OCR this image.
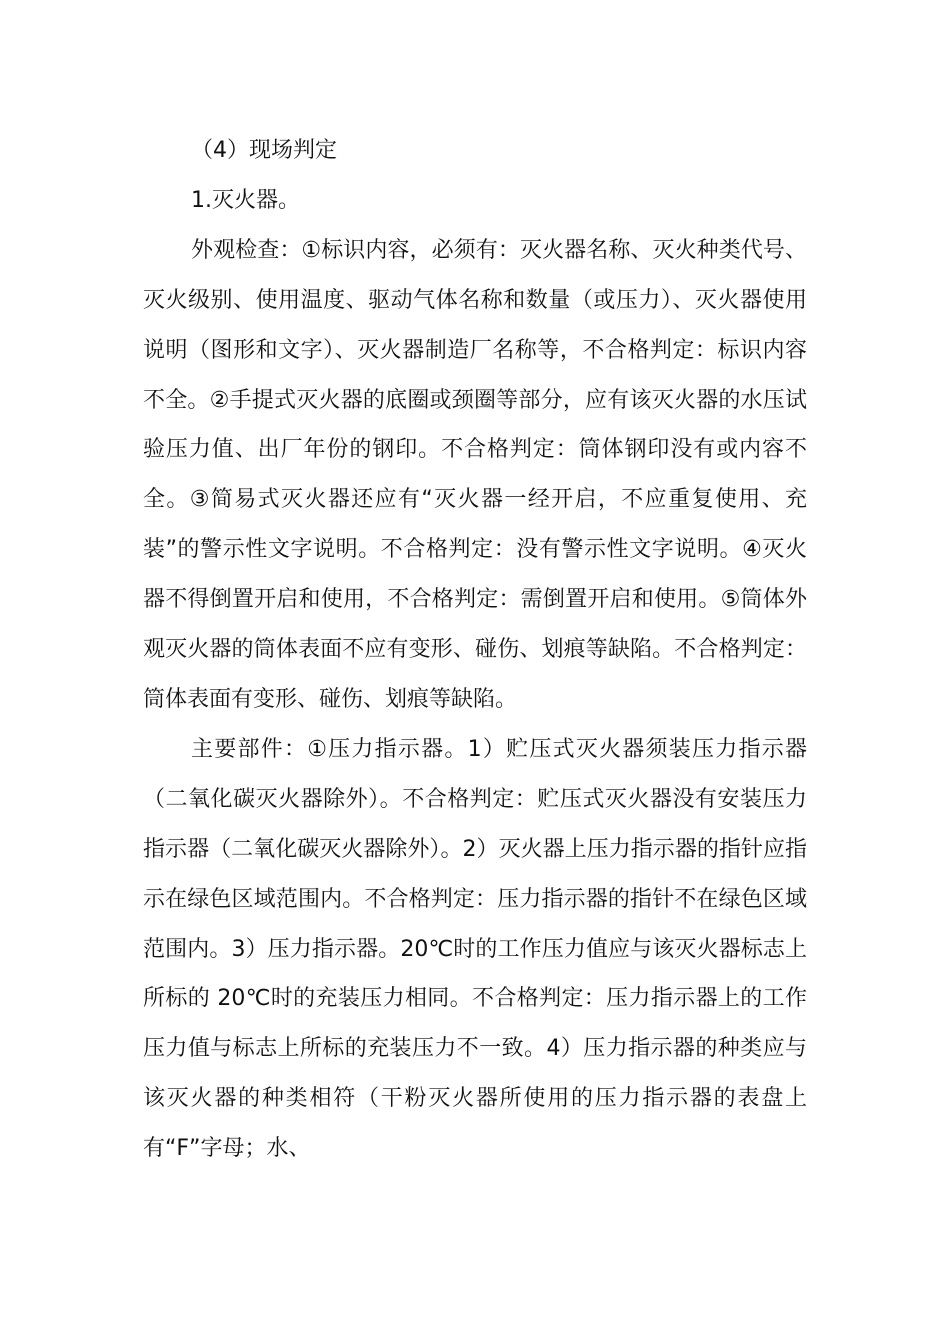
（4）现场判定

1.灭火器。

外观检查：①标识内容，必须有：灭火器名称、灭火种类代号、灭火级别、使用温度、驱动气体名称和数量（或压力）、灭火器使用说明（图形和文字）、灭火器制造厂名称等，不合格判定：标识内容不全。②手提式灭火器的底圈或颈圈等部分，应有该灭火器的水压试验压力值、出厂年份的钢印。不合格判定：筒体钢印没有或内容不全。③简易式灭火器还应有“灭火器一经开启，不应重复使用、充装”的警示性文字说明。不合格判定：没有警示性文字说明。④灭火器不得倒置开启和使用，不合格判定：需倒置开启和使用。⑤筒体外观灭火器的筒体表面不应有变形、碰伤、划痕等缺陷。不合格判定：筒体表面有变形、碰伤、划痕等缺陷。

主要部件：①压力指示器。1）贮压式灭火器须装压力指示器（二氧化碳灭火器除外）。不合格判定：贮压式灭火器没有安装压力指示器（二氧化碳灭火器除外）。2）灭火器上压力指示器的指针应指示在绿色区域范围内。不合格判定：压力指示器的指针不在绿色区域范围内。3）压力指示器。20℃时的工作压力值应与该灭火器标志上所标的 20℃时的充装压力相同。不合格判定：压力指示器上的工作压力值与标志上所标的充装压力不一致。4）压力指示器的种类应与该灭火器的种类相符（干粉灭火器所使用的压力指示器的表盘上有“F”字母；水、
